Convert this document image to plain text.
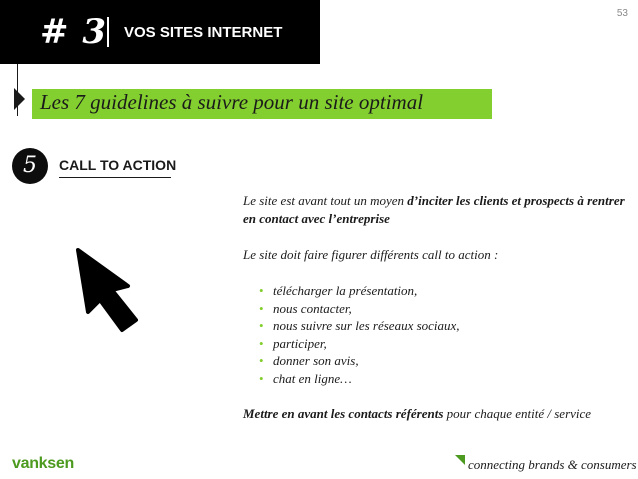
# 3 VOS SITES INTERNET
53
Les 7 guidelines à suivre pour un site optimal
5	CALL TO ACTION

Le site est avant tout un moyen d’inciter les clients et prospects à rentrer en contact avec l’entreprise

Le site doit faire figurer différents call to action :

• télécharger la présentation,
• nous contacter,
• nous suivre sur les réseaux sociaux,
• participer,
• donner son avis,
• chat en ligne…

Mettre en avant les contacts référents pour chaque entité / service

vanksen	connecting brands & consumers
